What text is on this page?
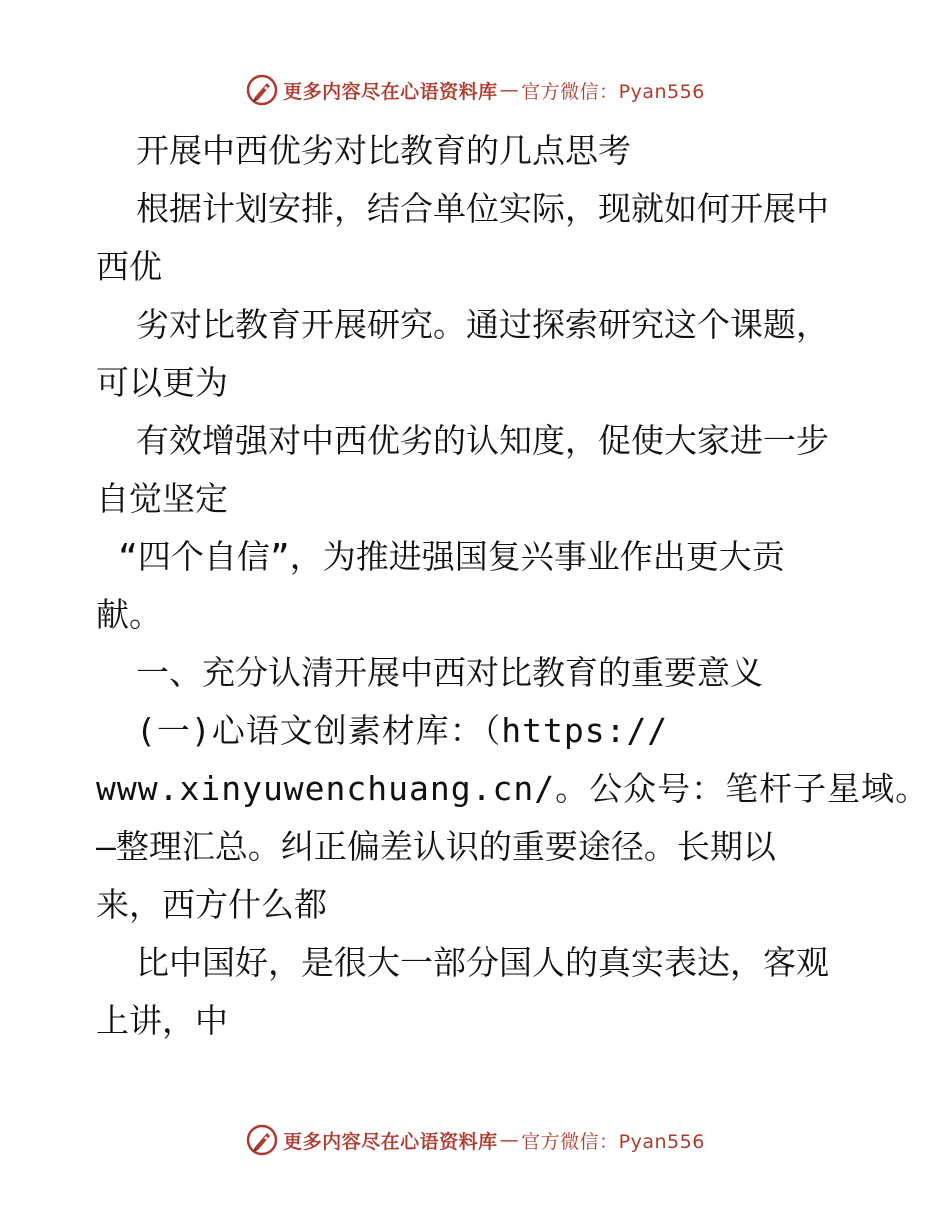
更多内容尽在心语资料库 — 官方微信：Pyan556
开展中西优劣对比教育的几点思考
根据计划安排，结合单位实际，现就如何开展中
西优
劣对比教育开展研究。通过探索研究这个课题，
可以更为
有效增强对中西优劣的认知度，促使大家进一步
自觉坚定
“四个自信”，为推进强国复兴事业作出更大贡
献。
一、充分认清开展中西对比教育的重要意义
(一)心语文创素材库：（https://
www.xinyuwenchuang.cn/。公众号：笔杆子星域。
—整理汇总。纠正偏差认识的重要途径。长期以
来，西方什么都
比中国好，是很大一部分国人的真实表达，客观
上讲，中
更多内容尽在心语资料库 — 官方微信：Pyan556
